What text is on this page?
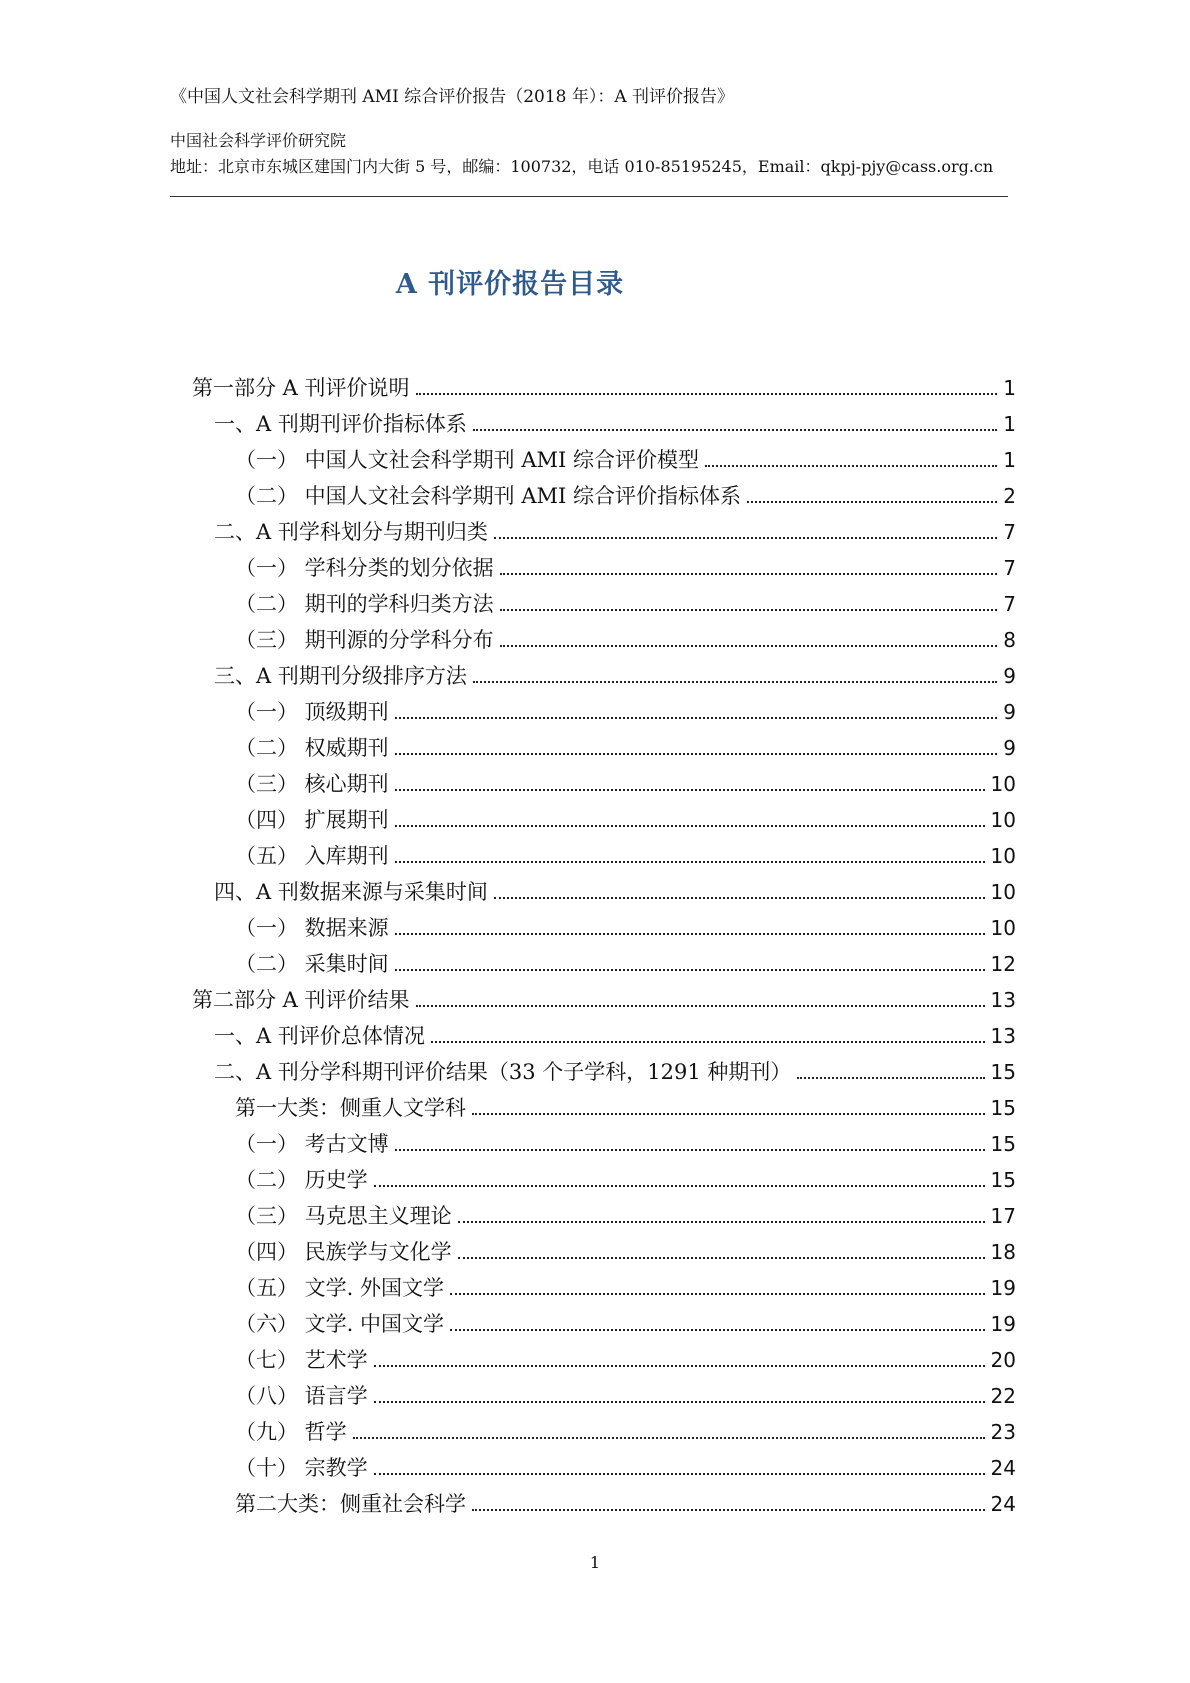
《中国人文社会科学期刊 AMI 综合评价报告（2018 年）：A 刊评价报告》
中国社会科学评价研究院
地址：北京市东城区建国门内大街 5 号，邮编：100732，电话 010-85195245，Email：qkpj-pjy@cass.org.cn
A 刊评价报告目录
第一部分 A 刊评价说明	1
一、A 刊期刊评价指标体系	1
（一） 中国人文社会科学期刊 AMI 综合评价模型	1
（二） 中国人文社会科学期刊 AMI 综合评价指标体系	2
二、A 刊学科划分与期刊归类	7
（一） 学科分类的划分依据	7
（二） 期刊的学科归类方法	7
（三） 期刊源的分学科分布	8
三、A 刊期刊分级排序方法	9
（一） 顶级期刊	9
（二） 权威期刊	9
（三） 核心期刊	10
（四） 扩展期刊	10
（五） 入库期刊	10
四、A 刊数据来源与采集时间	10
（一） 数据来源	10
（二） 采集时间	12
第二部分 A 刊评价结果	13
一、A 刊评价总体情况	13
二、A 刊分学科期刊评价结果（33 个子学科，1291 种期刊）	15
第一大类：侧重人文学科	15
（一） 考古文博	15
（二） 历史学	15
（三） 马克思主义理论	17
（四） 民族学与文化学	18
（五） 文学. 外国文学	19
（六） 文学. 中国文学	19
（七） 艺术学	20
（八） 语言学	22
（九） 哲学	23
（十） 宗教学	24
第二大类：侧重社会科学	24
1
